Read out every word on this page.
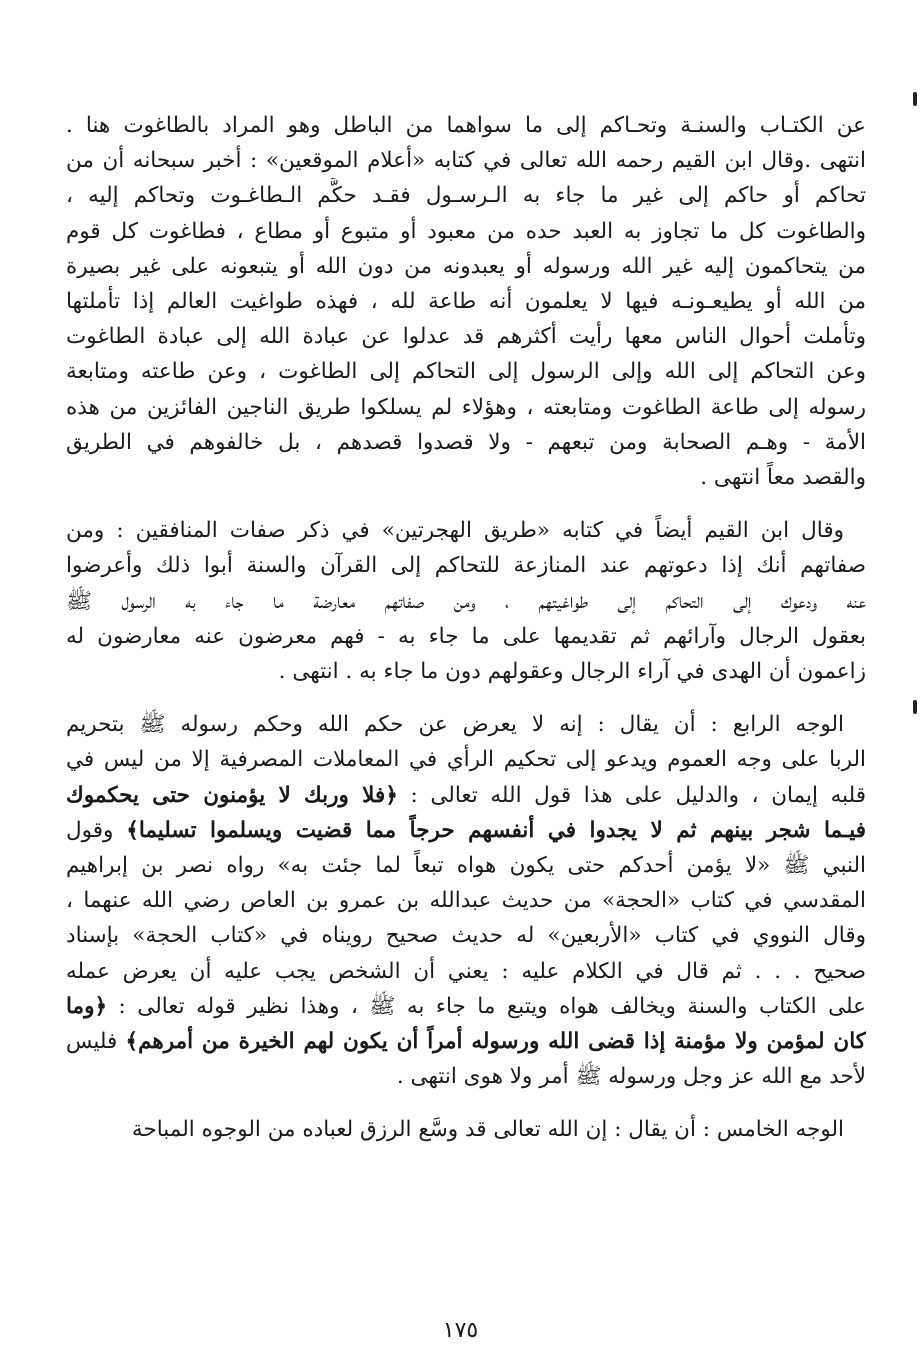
عن الكتـاب والسنـة وتحـاكم إلى ما سواهما من الباطل وهو المراد بالطاغوت هنا .
انتهى .وقال ابن القيم رحمه الله تعالى في كتابه «أعلام الموقعين» : أخبر سبحانه أن من
تحاكم أو حاكم إلى غير ما جاء به الـرسـول فقـد حكَّم الـطاغـوت وتحاكم إليه ،
والطاغوت كل ما تجاوز به العبد حده من معبود أو متبوع أو مطاع ، فطاغوت كل قوم
من يتحاكمون إليه غير الله ورسوله أو يعبدونه من دون الله أو يتبعونه على غير بصيرة
من الله أو يطيعـونـه فيها لا يعلمون أنه طاعة لله ، فهذه طواغيت العالم إذا تأملتها
وتأملت أحوال الناس معها رأيت أكثرهم قد عدلوا عن عبادة الله إلى عبادة الطاغوت
وعن التحاكم إلى الله وإلى الرسول إلى التحاكم إلى الطاغوت ، وعن طاعته ومتابعة
رسوله إلى طاعة الطاغوت ومتابعته ، وهؤلاء لم يسلكوا طريق الناجين الفائزين من هذه
الأمة - وهـم الصحابة ومن تبعهم - ولا قصدوا قصدهم ، بل خالفوهم في الطريق
والقصد معاً انتهى .
وقال ابن القيم أيضاً في كتابه «طريق الهجرتين» في ذكر صفات المنافقين : ومن
صفاتهم أنك إذا دعوتهم عند المنازعة للتحاكم إلى القرآن والسنة أبوا ذلك وأعرضوا
عنه ودعوك إلى التحاكم إلى طواغيتهم ، ومن صفاتهم معارضة ما جاء به الرسول ﷺ
بعقول الرجال وآرائهم ثم تقديمها على ما جاء به - فهم معرضون عنه معارضون له
زاعمون أن الهدى في آراء الرجال وعقولهم دون ما جاء به . انتهى .
الوجه الرابع : أن يقال : إنه لا يعرض عن حكم الله وحكم رسوله ﷺ بتحريم
الربا على وجه العموم ويدعو إلى تحكيم الرأي في المعاملات المصرفية إلا من ليس في
قلبه إيمان ، والدليل على هذا قول الله تعالى : ﴿فلا وربك لا يؤمنون حتى يحكموك
فيـما شجر بينهم ثم لا يجدوا في أنفسهم حرجاً مما قضيت ويسلموا تسليما﴾ وقول
النبي ﷺ «لا يؤمن أحدكم حتى يكون هواه تبعاً لما جئت به» رواه نصر بن إبراهيم
المقدسي في كتاب «الحجة» من حديث عبدالله بن عمرو بن العاص رضي الله عنهما ،
وقال النووي في كتاب «الأربعين» له حديث صحيح رويناه في «كتاب الحجة» بإسناد
صحيح . . . ثم قال في الكلام عليه : يعني أن الشخص يجب عليه أن يعرض عمله
على الكتاب والسنة ويخالف هواه ويتبع ما جاء به ﷺ ، وهذا نظير قوله تعالى : ﴿وما
كان لمؤمن ولا مؤمنة إذا قضى الله ورسوله أمراً أن يكون لهم الخيرة من أمرهم﴾ فليس
لأحد مع الله عز وجل ورسوله ﷺ أمر ولا هوى انتهى .
الوجه الخامس : أن يقال : إن الله تعالى قد وسَّع الرزق لعباده من الوجوه المباحة
١٧٥
